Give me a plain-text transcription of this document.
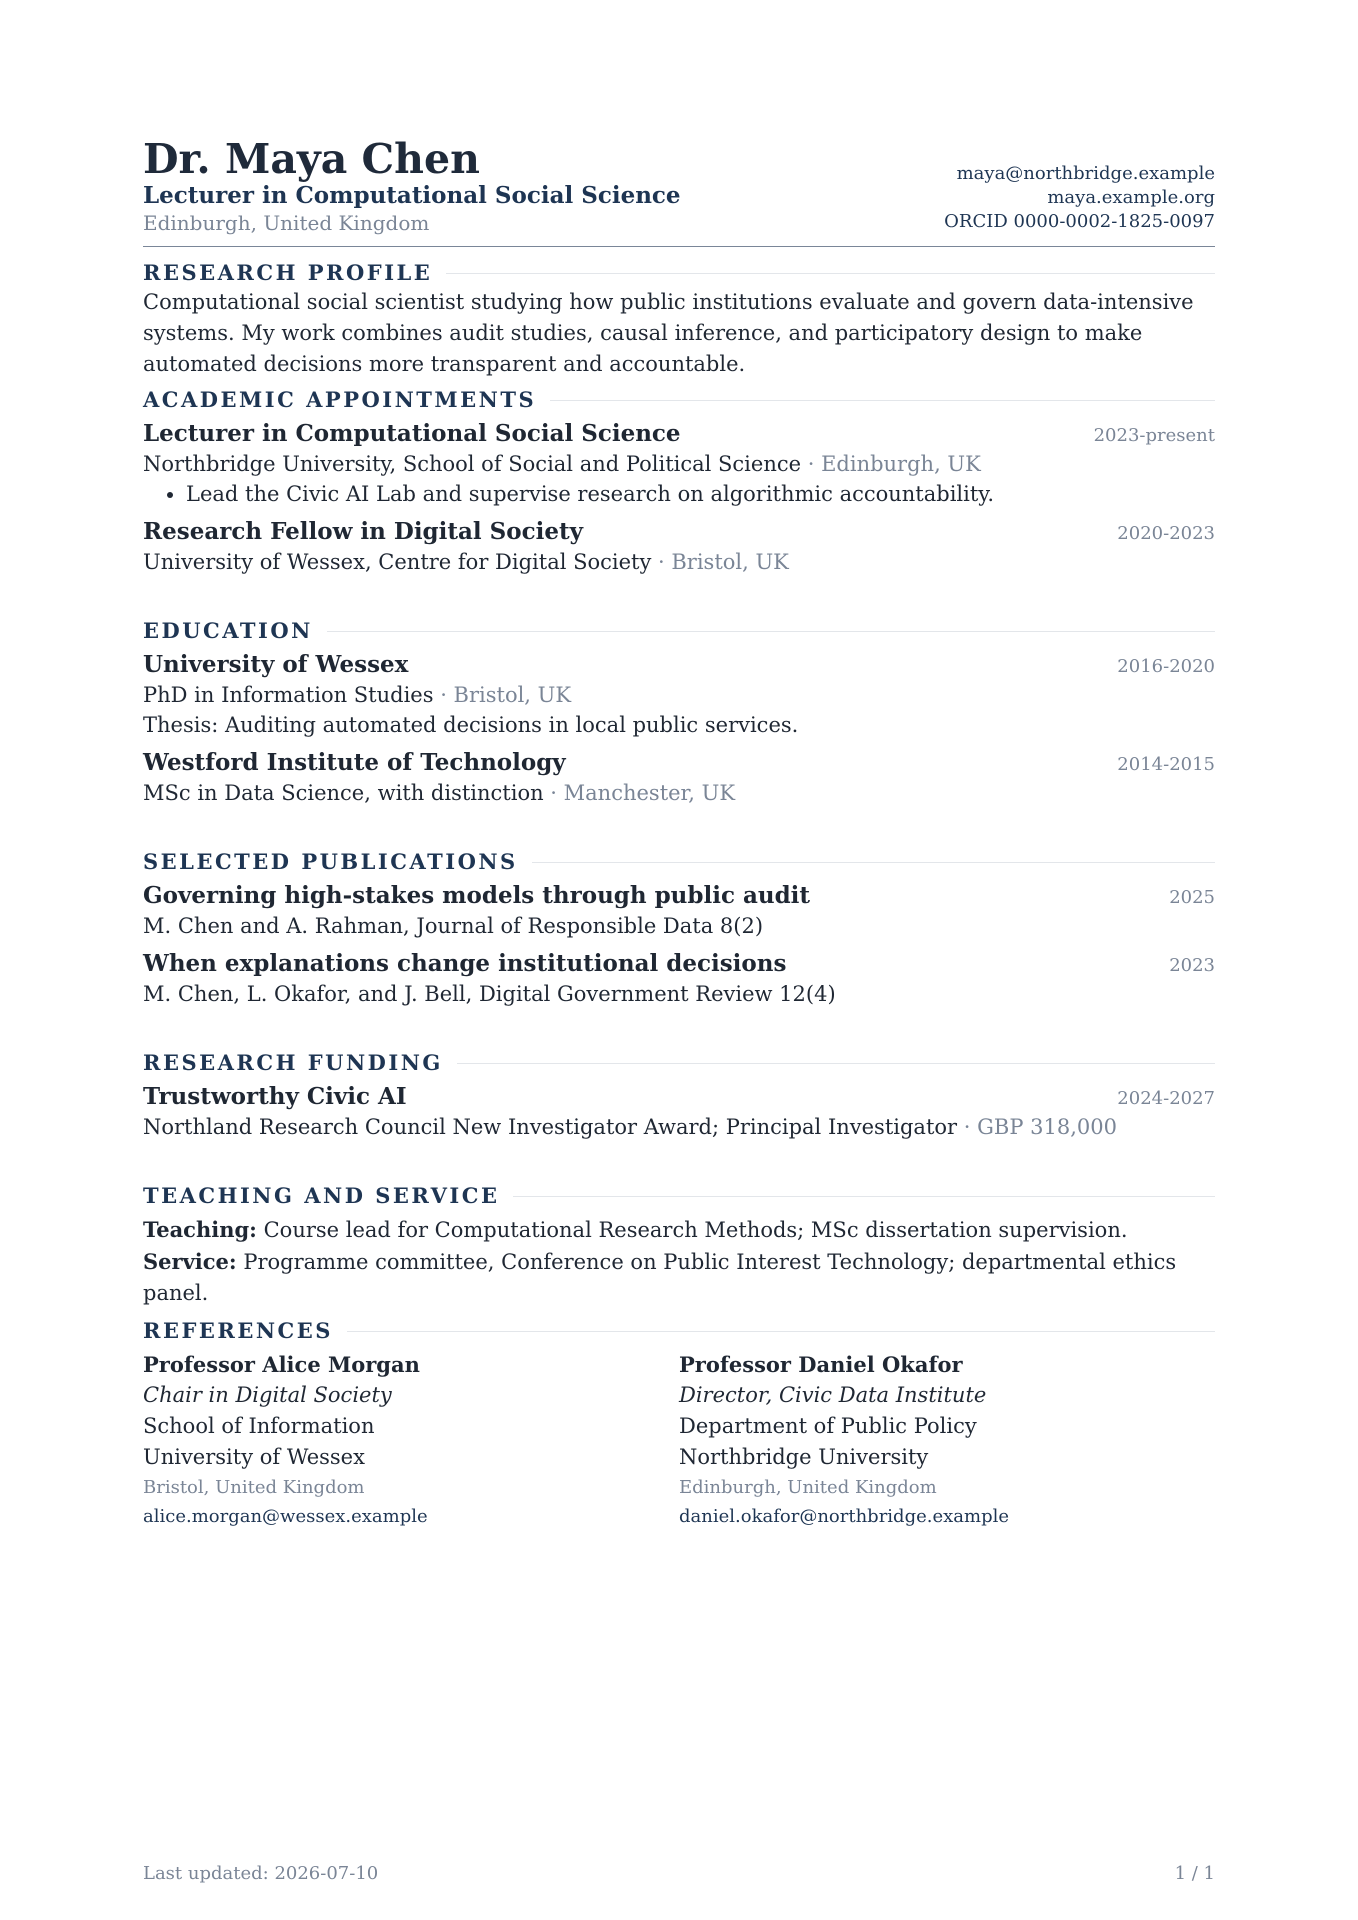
Dr. Maya Chen
Lecturer in Computational Social Science
Edinburgh, United Kingdom
maya@northbridge.example
maya.example.org
ORCID 0000-0002-1825-0097
RESEARCH PROFILE
Computational social scientist studying how public institutions evaluate and govern data-intensive systems. My work combines audit studies, causal inference, and participatory design to make automated decisions more transparent and accountable.
ACADEMIC APPOINTMENTS
Lecturer in Computational Social Science	2023-present
Northbridge University, School of Social and Political Science · Edinburgh, UK
• Lead the Civic AI Lab and supervise research on algorithmic accountability.
Research Fellow in Digital Society	2020-2023
University of Wessex, Centre for Digital Society · Bristol, UK
EDUCATION
University of Wessex	2016-2020
PhD in Information Studies · Bristol, UK
Thesis: Auditing automated decisions in local public services.
Westford Institute of Technology	2014-2015
MSc in Data Science, with distinction · Manchester, UK
SELECTED PUBLICATIONS
Governing high-stakes models through public audit	2025
M. Chen and A. Rahman, Journal of Responsible Data 8(2)
When explanations change institutional decisions	2023
M. Chen, L. Okafor, and J. Bell, Digital Government Review 12(4)
RESEARCH FUNDING
Trustworthy Civic AI	2024-2027
Northland Research Council New Investigator Award; Principal Investigator · GBP 318,000
TEACHING AND SERVICE
Teaching: Course lead for Computational Research Methods; MSc dissertation supervision.
Service: Programme committee, Conference on Public Interest Technology; departmental ethics panel.
REFERENCES
Professor Alice Morgan
Chair in Digital Society
School of Information
University of Wessex
Bristol, United Kingdom
alice.morgan@wessex.example
Professor Daniel Okafor
Director, Civic Data Institute
Department of Public Policy
Northbridge University
Edinburgh, United Kingdom
daniel.okafor@northbridge.example
Last updated: 2026-07-10	1 / 1
